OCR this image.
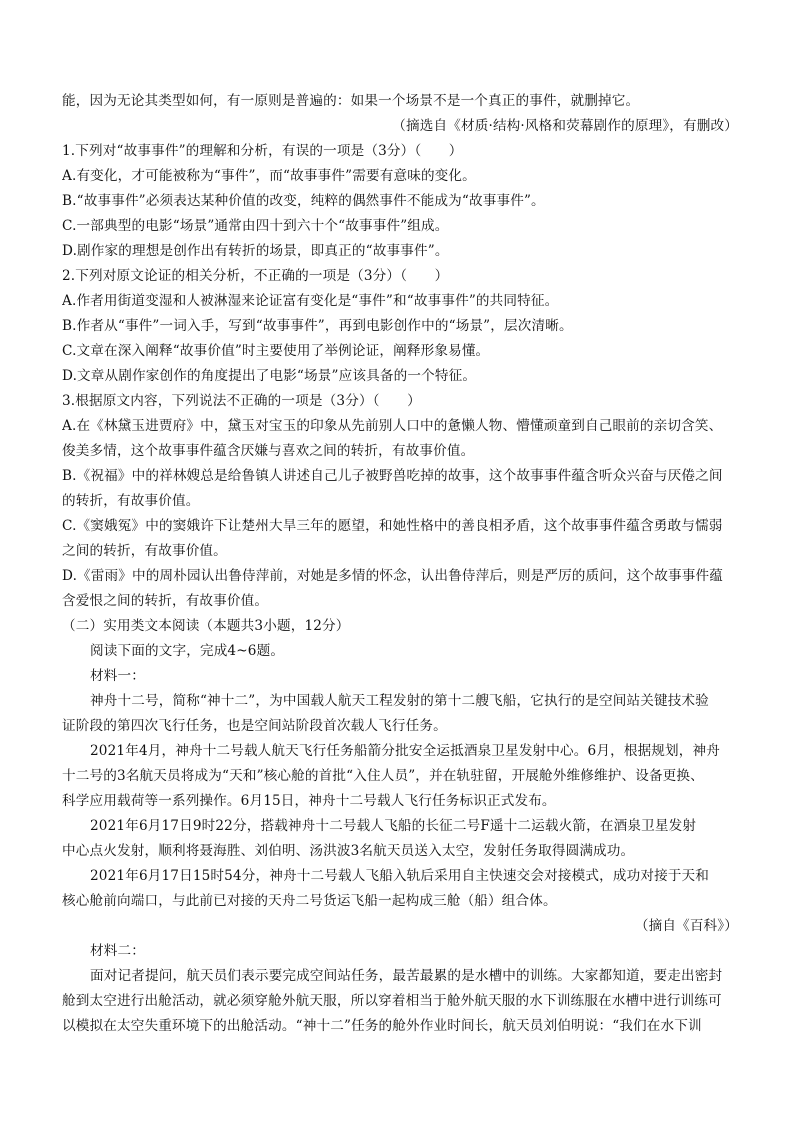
能，因为无论其类型如何，有一原则是普遍的：如果一个场景不是一个真正的事件，就删掉它。
（摘选自《材质·结构·风格和荧幕剧作的原理》，有删改）
1.下列对“故事事件”的理解和分析，有误的一项是（3分）（　　）
A.有变化，才可能被称为“事件”，而“故事事件”需要有意味的变化。
B.“故事事件”必须表达某种价值的改变，纯粹的偶然事件不能成为“故事事件”。
C.一部典型的电影“场景”通常由四十到六十个“故事事件”组成。
D.剧作家的理想是创作出有转折的场景，即真正的“故事事件”。
2.下列对原文论证的相关分析，不正确的一项是（3分）（　　）
A.作者用街道变湿和人被淋湿来论证富有变化是“事件”和“故事事件”的共同特征。
B.作者从“事件”一词入手，写到“故事事件”，再到电影创作中的“场景”，层次清晰。
C.文章在深入阐释“故事价值”时主要使用了举例论证，阐释形象易懂。
D.文章从剧作家创作的角度提出了电影“场景”应该具备的一个特征。
3.根据原文内容，下列说法不正确的一项是（3分）（　　）
A.在《林黛玉进贾府》中，黛玉对宝玉的印象从先前别人口中的惫懒人物、懵懂顽童到自己眼前的亲切含笑、
俊美多情，这个故事事件蕴含厌嫌与喜欢之间的转折，有故事价值。
B.《祝福》中的祥林嫂总是给鲁镇人讲述自己儿子被野兽吃掉的故事，这个故事事件蕴含听众兴奋与厌倦之间
的转折，有故事价值。
C.《窦娥冤》中的窦娥许下让楚州大旱三年的愿望，和她性格中的善良相矛盾，这个故事事件蕴含勇敢与懦弱
之间的转折，有故事价值。
D.《雷雨》中的周朴园认出鲁侍萍前，对她是多情的怀念，认出鲁侍萍后，则是严厉的质问，这个故事事件蕴
含爱恨之间的转折，有故事价值。
（二）实用类文本阅读（本题共3小题，12分）
阅读下面的文字，完成4~6题。
材料一：
神舟十二号，简称“神十二”，为中国载人航天工程发射的第十二艘飞船，它执行的是空间站关键技术验
证阶段的第四次飞行任务，也是空间站阶段首次载人飞行任务。
2021年4月，神舟十二号载人航天飞行任务船箭分批安全运抵酒泉卫星发射中心。6月，根据规划，神舟
十二号的3名航天员将成为“天和”核心舱的首批“入住人员”，并在轨驻留，开展舱外维修维护、设备更换、
科学应用载荷等一系列操作。6月15日，神舟十二号载人飞行任务标识正式发布。
2021年6月17日9时22分，搭载神舟十二号载人飞船的长征二号F遥十二运载火箭，在酒泉卫星发射
中心点火发射，顺利将聂海胜、刘伯明、汤洪波3名航天员送入太空，发射任务取得圆满成功。
2021年6月17日15时54分，神舟十二号载人飞船入轨后采用自主快速交会对接模式，成功对接于天和
核心舱前向端口，与此前已对接的天舟二号货运飞船一起构成三舱（船）组合体。
（摘自《百科》）
材料二：
面对记者提问，航天员们表示要完成空间站任务，最苦最累的是水槽中的训练。大家都知道，要走出密封
舱到太空进行出舱活动，就必须穿舱外航天服，所以穿着相当于舱外航天服的水下训练服在水槽中进行训练可
以模拟在太空失重环境下的出舱活动。“神十二”任务的舱外作业时间长，航天员刘伯明说：“我们在水下训
